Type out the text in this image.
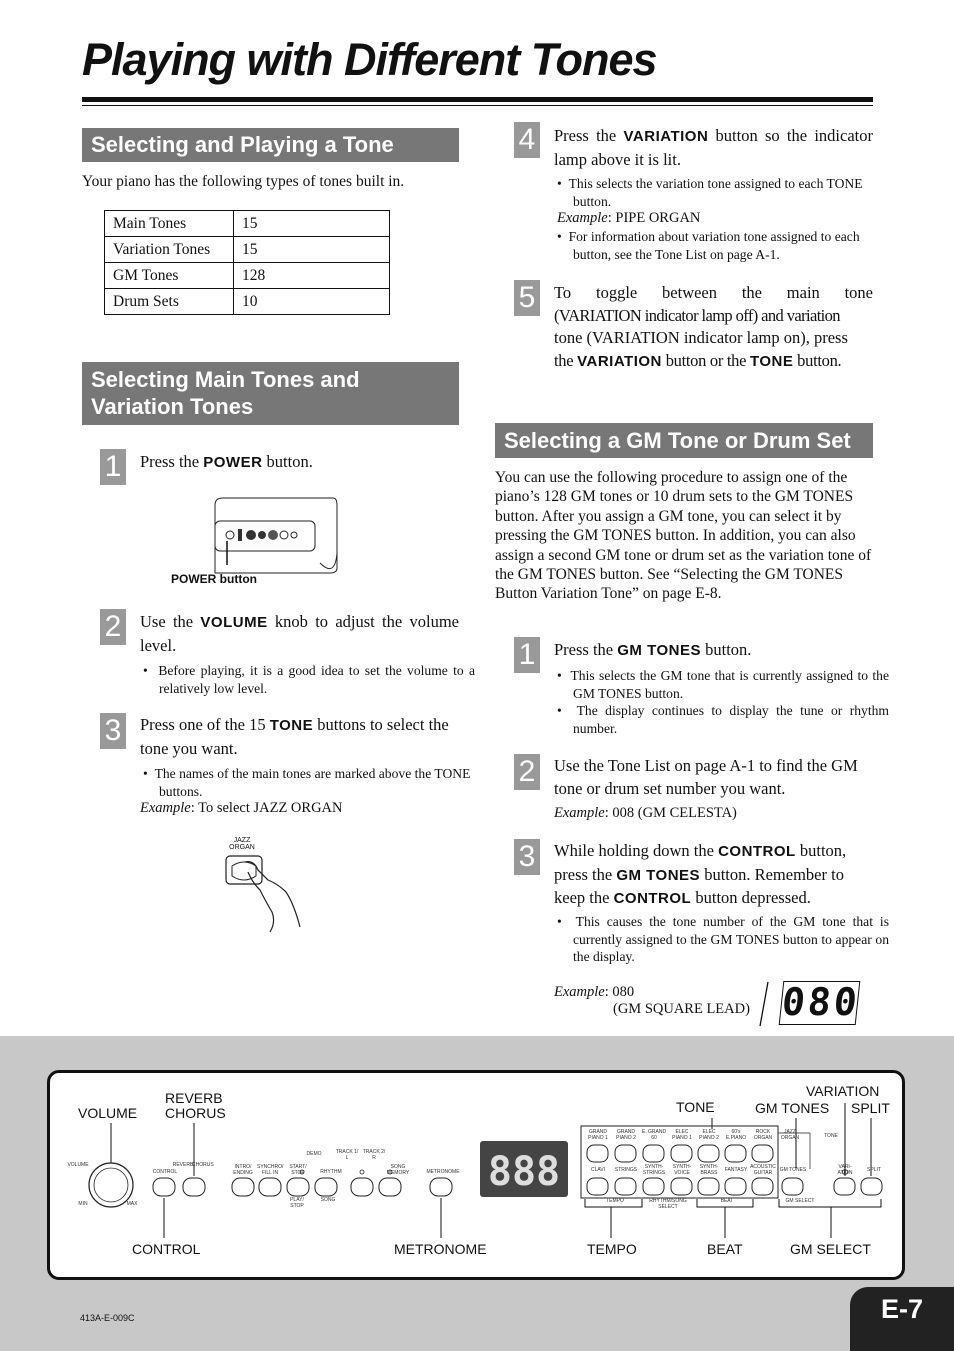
Playing with Different Tones
Selecting and Playing a Tone
Your piano has the following types of tones built in.
Main Tones	15
Variation Tones	15
GM Tones	128
Drum Sets	10
Selecting Main Tones and
Variation Tones
1 Press the POWER button.
POWER button
2 Use the VOLUME knob to adjust the volume level.
•  Before playing, it is a good idea to set the volume to a relatively low level.
3 Press one of the 15 TONE buttons to select the tone you want.
•  The names of the main tones are marked above the TONE buttons.
Example: To select JAZZ ORGAN
JAZZ
ORGAN
4 Press the VARIATION button so the indicator lamp above it is lit.
•  This selects the variation tone assigned to each TONE button.
Example: PIPE ORGAN
•  For information about variation tone assigned to each button, see the Tone List on page A-1.
5 To toggle between the main tone
(VARIATION indicator lamp off) and variation
tone (VARIATION indicator lamp on), press
the VARIATION button or the TONE button.
Selecting a GM Tone or Drum Set
You can use the following procedure to assign one of the piano’s 128 GM tones or 10 drum sets to the GM TONES button. After you assign a GM tone, you can select it by pressing the GM TONES button. In addition, you can also assign a second GM tone or drum set as the variation tone of the GM TONES button. See “Selecting the GM TONES Button Variation Tone” on page E-8.
1 Press the GM TONES button.
•  This selects the GM tone that is currently assigned to the GM TONES button.
•  The display continues to display the tune or rhythm number.
2 Use the Tone List on page A-1 to find the GM tone or drum set number you want.
Example: 008 (GM CELESTA)
3 While holding down the CONTROL button,
press the GM TONES button. Remember to
keep the CONTROL button depressed.
•  This causes the tone number of the GM tone that is currently assigned to the GM TONES button to appear on the display.
Example: 080
(GM SQUARE LEAD) 080
VOLUME
REVERB
CHORUS	TONE	GM TONES
VARIATION
SPLIT
CONTROL	METRONOME	TEMPO	BEAT	GM SELECT
888
VOLUME
MIN	MAX
CONTROL
REVERB
CHORUS	INTRO/ ENDING
SYNCHRO/ FILL IN
START/ STOP
DEMO
RHYTHM
TRACK 1/ L
TRACK 2/ R
SONG MEMORY
PLAY/ STOP
SONG
METRONOME
GRAND PIANO 1
GRAND PIANO 2
E. GRAND 60
ELEC PIANO 1
ELEC PIANO 2
60's E.PIANO
ROCK ORGAN
JAZZ ORGAN
CLAVI	STRINGS	SYNTH- STRINGS
SYNTH- VOICE
SYNTH- BRASS	FANTASY ACOUSTIC GUITAR	GM TONES
TONE
VARI- ATION	SPLIT
TEMPO	RHYTHM/SONG SELECT
BEAT	GM SELECT
413A-E-009C	E-7
